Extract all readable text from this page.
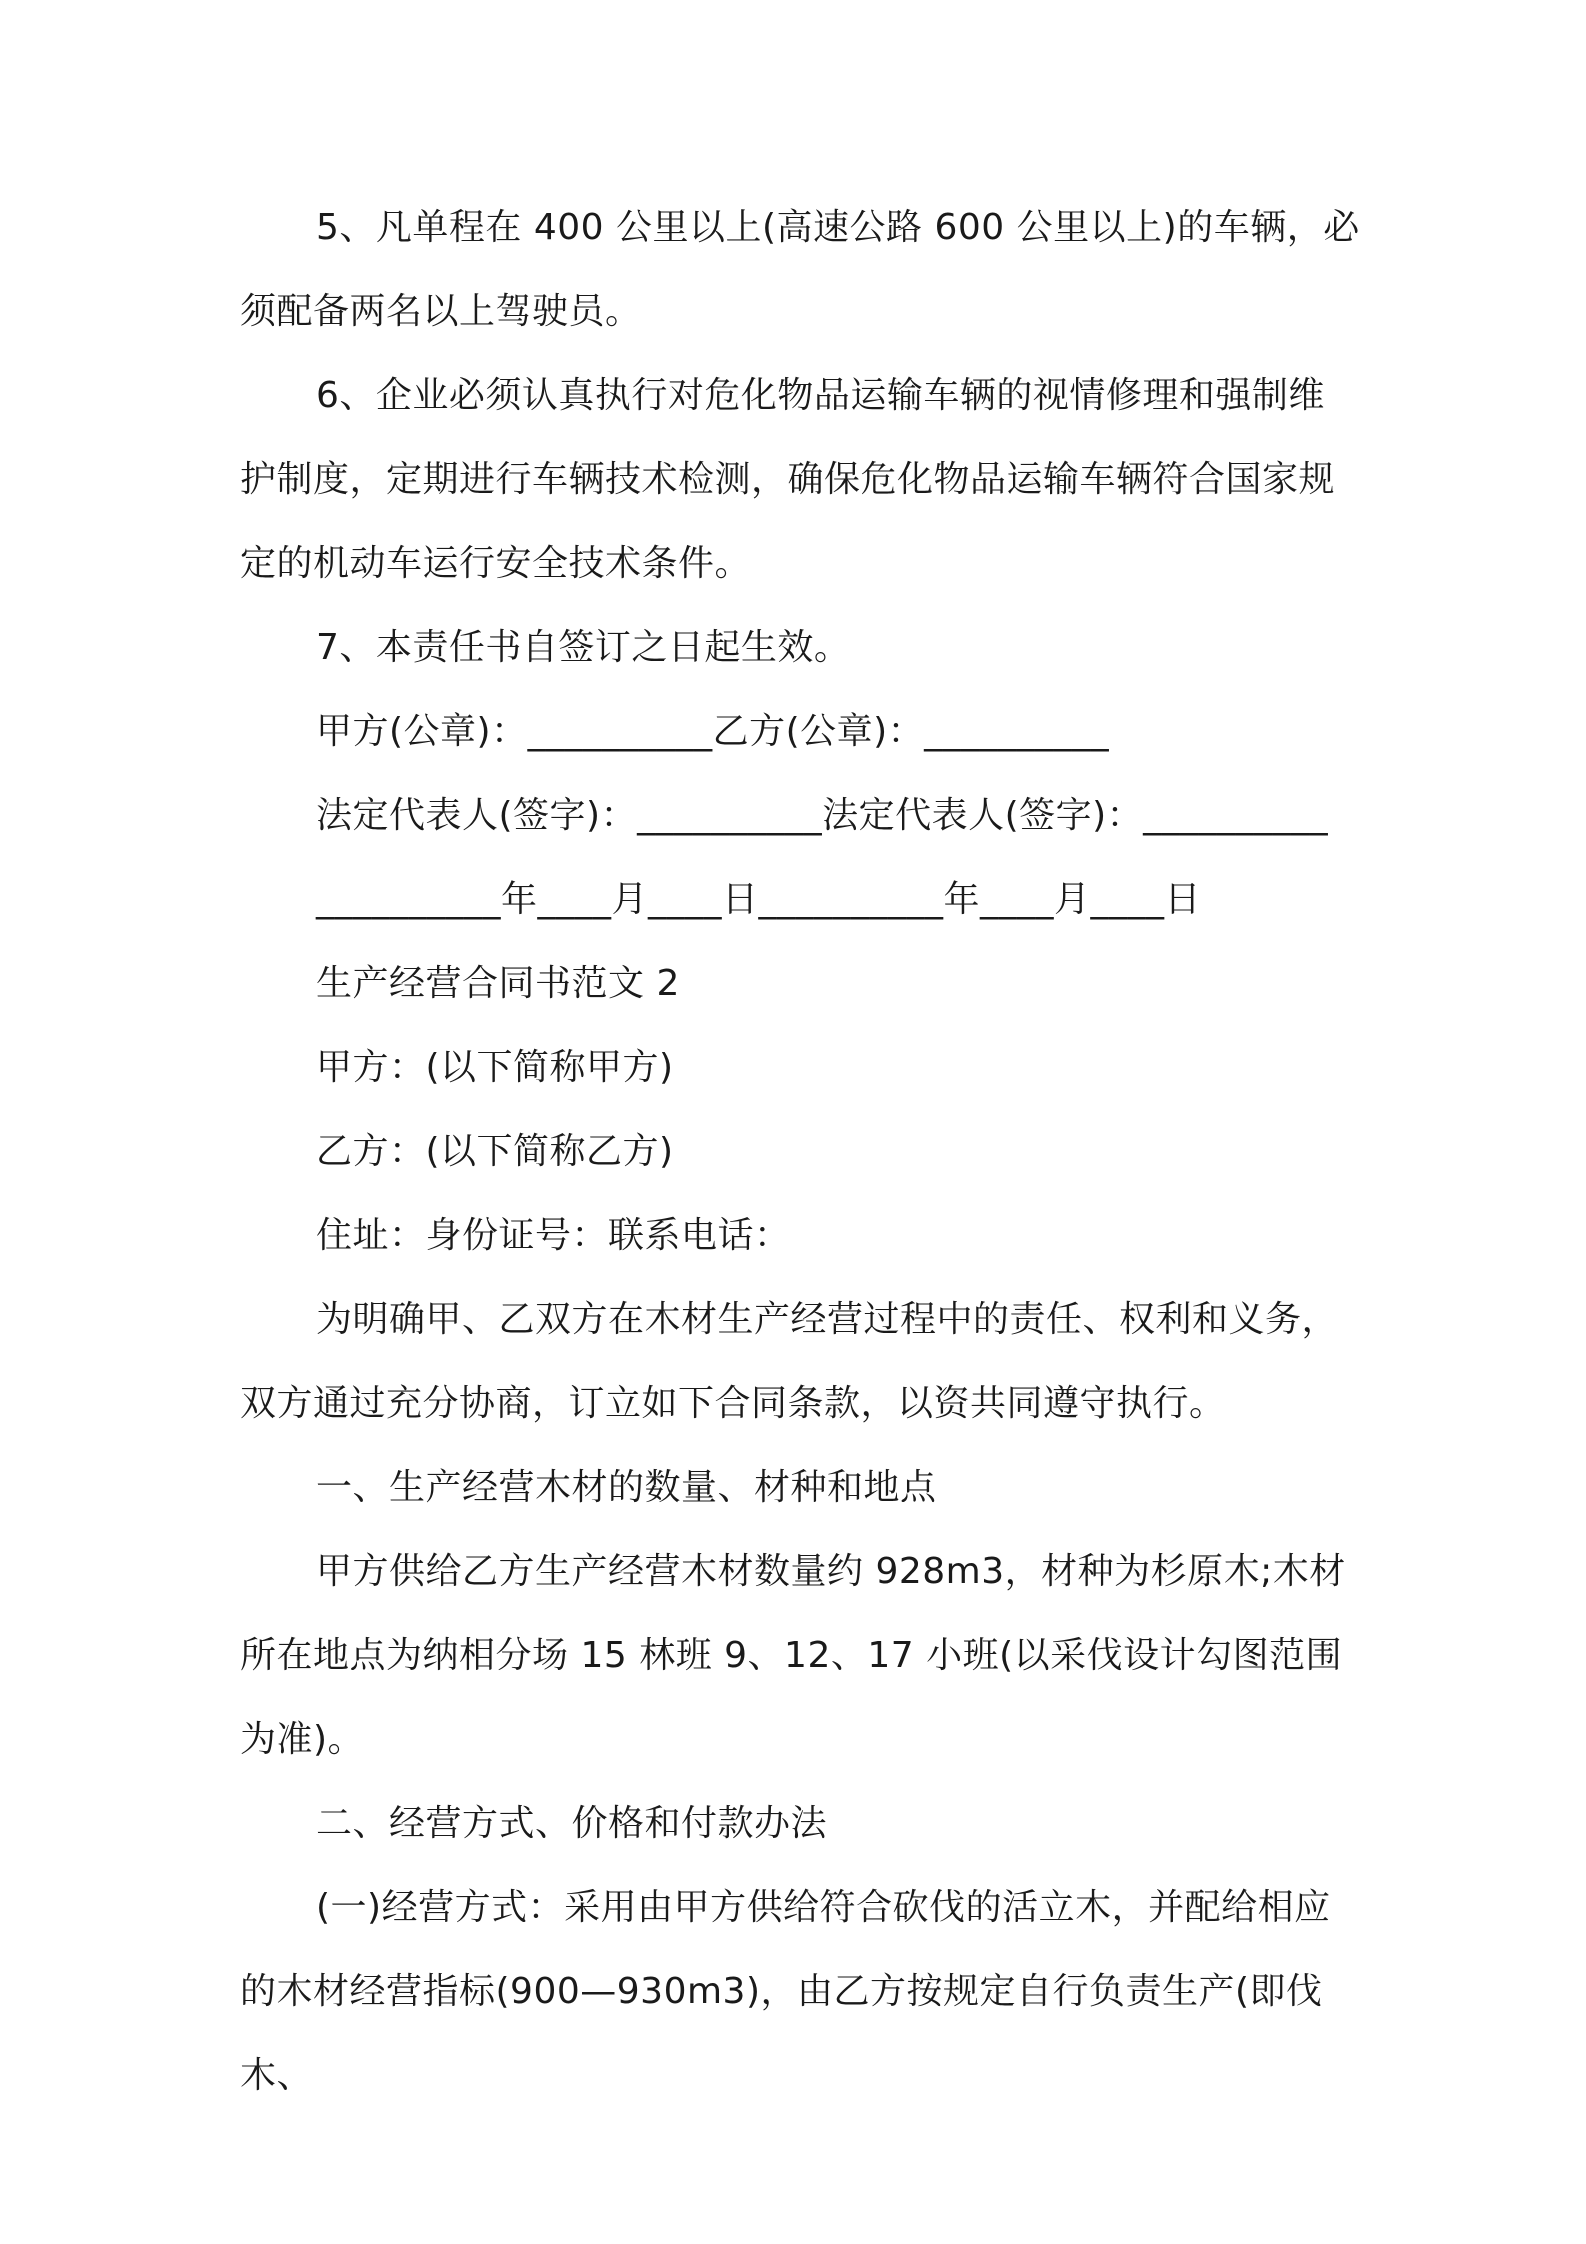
5、凡单程在 400 公里以上(高速公路 600 公里以上)的车辆，必须配备两名以上驾驶员。

6、企业必须认真执行对危化物品运输车辆的视情修理和强制维护制度，定期进行车辆技术检测，确保危化物品运输车辆符合国家规定的机动车运行安全技术条件。

7、本责任书自签订之日起生效。

甲方(公章)：__________乙方(公章)：__________

法定代表人(签字)：__________法定代表人(签字)：__________

__________年____月____日__________年____月____日

生产经营合同书范文 2

甲方：(以下简称甲方)

乙方：(以下简称乙方)

住址：身份证号：联系电话：

为明确甲、乙双方在木材生产经营过程中的责任、权利和义务，双方通过充分协商，订立如下合同条款，以资共同遵守执行。

一、生产经营木材的数量、材种和地点

甲方供给乙方生产经营木材数量约 928m3，材种为杉原木;木材所在地点为纳相分场 15 林班 9、12、17 小班(以采伐设计勾图范围为准)。

二、经营方式、价格和付款办法

(一)经营方式：采用由甲方供给符合砍伐的活立木，并配给相应的木材经营指标(900—930m3)，由乙方按规定自行负责生产(即伐木、
